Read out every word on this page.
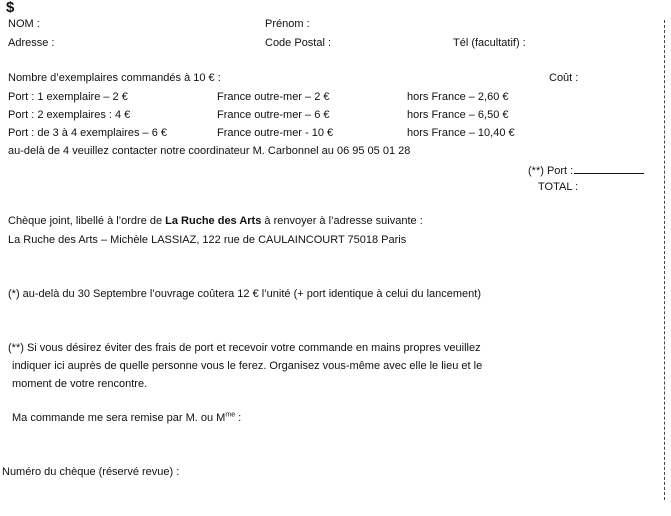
$
NOM :	Prénom :
Adresse :	Code Postal :	Tél (facultatif) :
Nombre d’exemplaires commandés à 10 € :	Coût :
Port : 1 exemplaire – 2 €	France outre-mer – 2 €	hors France – 2,60 €
Port : 2 exemplaires : 4 €	France outre-mer – 6 €	hors France – 6,50 €
Port : de 3 à 4 exemplaires – 6 €	France outre-mer - 10 €	hors France – 10,40 €
au-delà de 4 veuillez contacter notre coordinateur M. Carbonnel au 06 95 05 01 28
(**) Port :
TOTAL :
Chèque joint, libellé à l’ordre de La Ruche des Arts à renvoyer à l’adresse suivante :
La Ruche des Arts – Michèle LASSIAZ, 122 rue de CAULAINCOURT 75018 Paris
(*) au-delà du 30 Septembre l’ouvrage coûtera 12 € l’unité (+ port identique à celui du lancement)
(**) Si vous désirez éviter des frais de port et recevoir votre commande en mains propres veuillez
indiquer ici auprès de quelle personne vous le ferez. Organisez vous-même avec elle le lieu et le
moment de votre rencontre.
Ma commande me sera remise par M. ou $M^{me}$ :
Numéro du chèque (réservé revue) :
